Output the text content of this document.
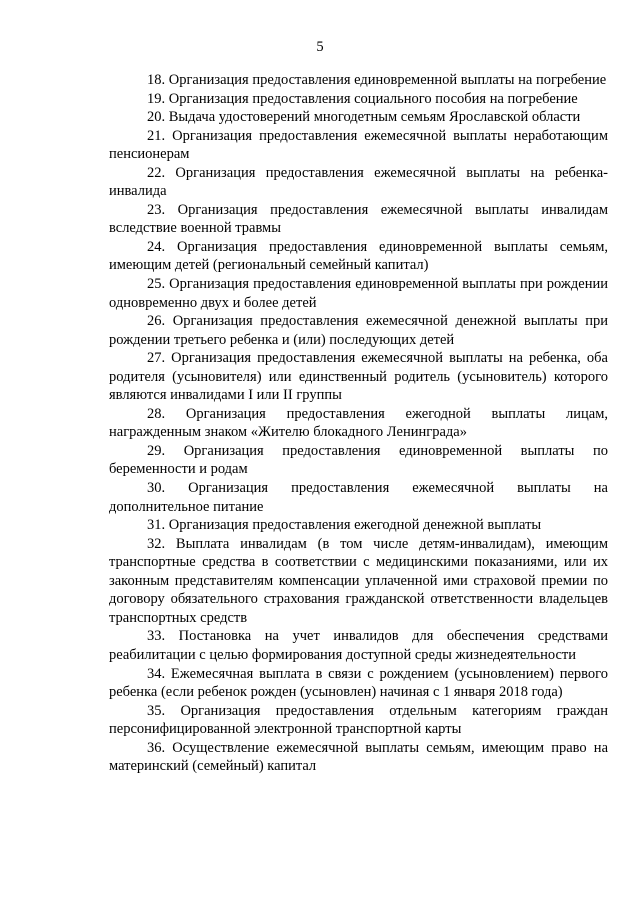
5

18. Организация предоставления единовременной выплаты на погребение

19. Организация предоставления социального пособия на погребение

20. Выдача удостоверений многодетным семьям Ярославской области

21. Организация предоставления ежемесячной выплаты неработающим пенсионерам

22. Организация предоставления ежемесячной выплаты на ребенка-инвалида

23. Организация предоставления ежемесячной выплаты инвалидам вследствие военной травмы

24. Организация предоставления единовременной выплаты семьям, имеющим детей (региональный семейный капитал)

25. Организация предоставления единовременной выплаты при рождении одновременно двух и более детей

26. Организация предоставления ежемесячной денежной выплаты при рождении третьего ребенка и (или) последующих детей

27. Организация предоставления ежемесячной выплаты на ребенка, оба родителя (усыновителя) или единственный родитель (усыновитель) которого являются инвалидами I или II группы

28. Организация предоставления ежегодной выплаты лицам, награжденным знаком «Жителю блокадного Ленинграда»

29. Организация предоставления единовременной выплаты по беременности и родам

30. Организация предоставления ежемесячной выплаты на дополнительное питание

31. Организация предоставления ежегодной денежной выплаты

32. Выплата инвалидам (в том числе детям-инвалидам), имеющим транспортные средства в соответствии с медицинскими показаниями, или их законным представителям компенсации уплаченной ими страховой премии по договору обязательного страхования гражданской ответственности владельцев транспортных средств

33. Постановка на учет инвалидов для обеспечения средствами реабилитации с целью формирования доступной среды жизнедеятельности

34. Ежемесячная выплата в связи с рождением (усыновлением) первого ребенка (если ребенок рожден (усыновлен) начиная с 1 января 2018 года)

35. Организация предоставления отдельным категориям граждан персонифицированной электронной транспортной карты

36. Осуществление ежемесячной выплаты семьям, имеющим право на материнский (семейный) капитал
